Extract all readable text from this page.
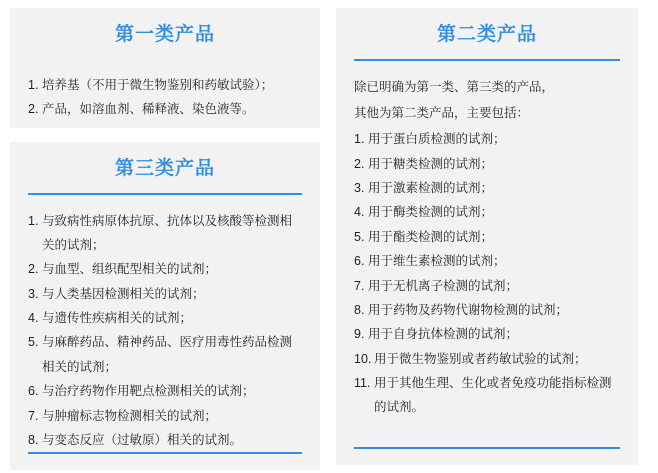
第一类产品
1. 培养基（不用于微生物鉴别和药敏试验）；
2. 产品，如溶血剂、稀释液、染色液等。
第三类产品
1. 与致病性病原体抗原、抗体以及核酸等检测相关的试剂；
2. 与血型、组织配型相关的试剂；
3. 与人类基因检测相关的试剂；
4. 与遗传性疾病相关的试剂；
5. 与麻醉药品、精神药品、医疗用毒性药品检测相关的试剂；
6. 与治疗药物作用靶点检测相关的试剂；
7. 与肿瘤标志物检测相关的试剂；
8. 与变态反应（过敏原）相关的试剂。
第二类产品
除已明确为第一类、第三类的产品，
其他为第二类产品，主要包括：
1. 用于蛋白质检测的试剂；
2. 用于糖类检测的试剂；
3. 用于激素检测的试剂；
4. 用于酶类检测的试剂；
5. 用于酯类检测的试剂；
6. 用于维生素检测的试剂；
7. 用于无机离子检测的试剂；
8. 用于药物及药物代谢物检测的试剂；
9. 用于自身抗体检测的试剂；
10. 用于微生物鉴别或者药敏试验的试剂；
11. 用于其他生理、生化或者免疫功能指标检测的试剂。
